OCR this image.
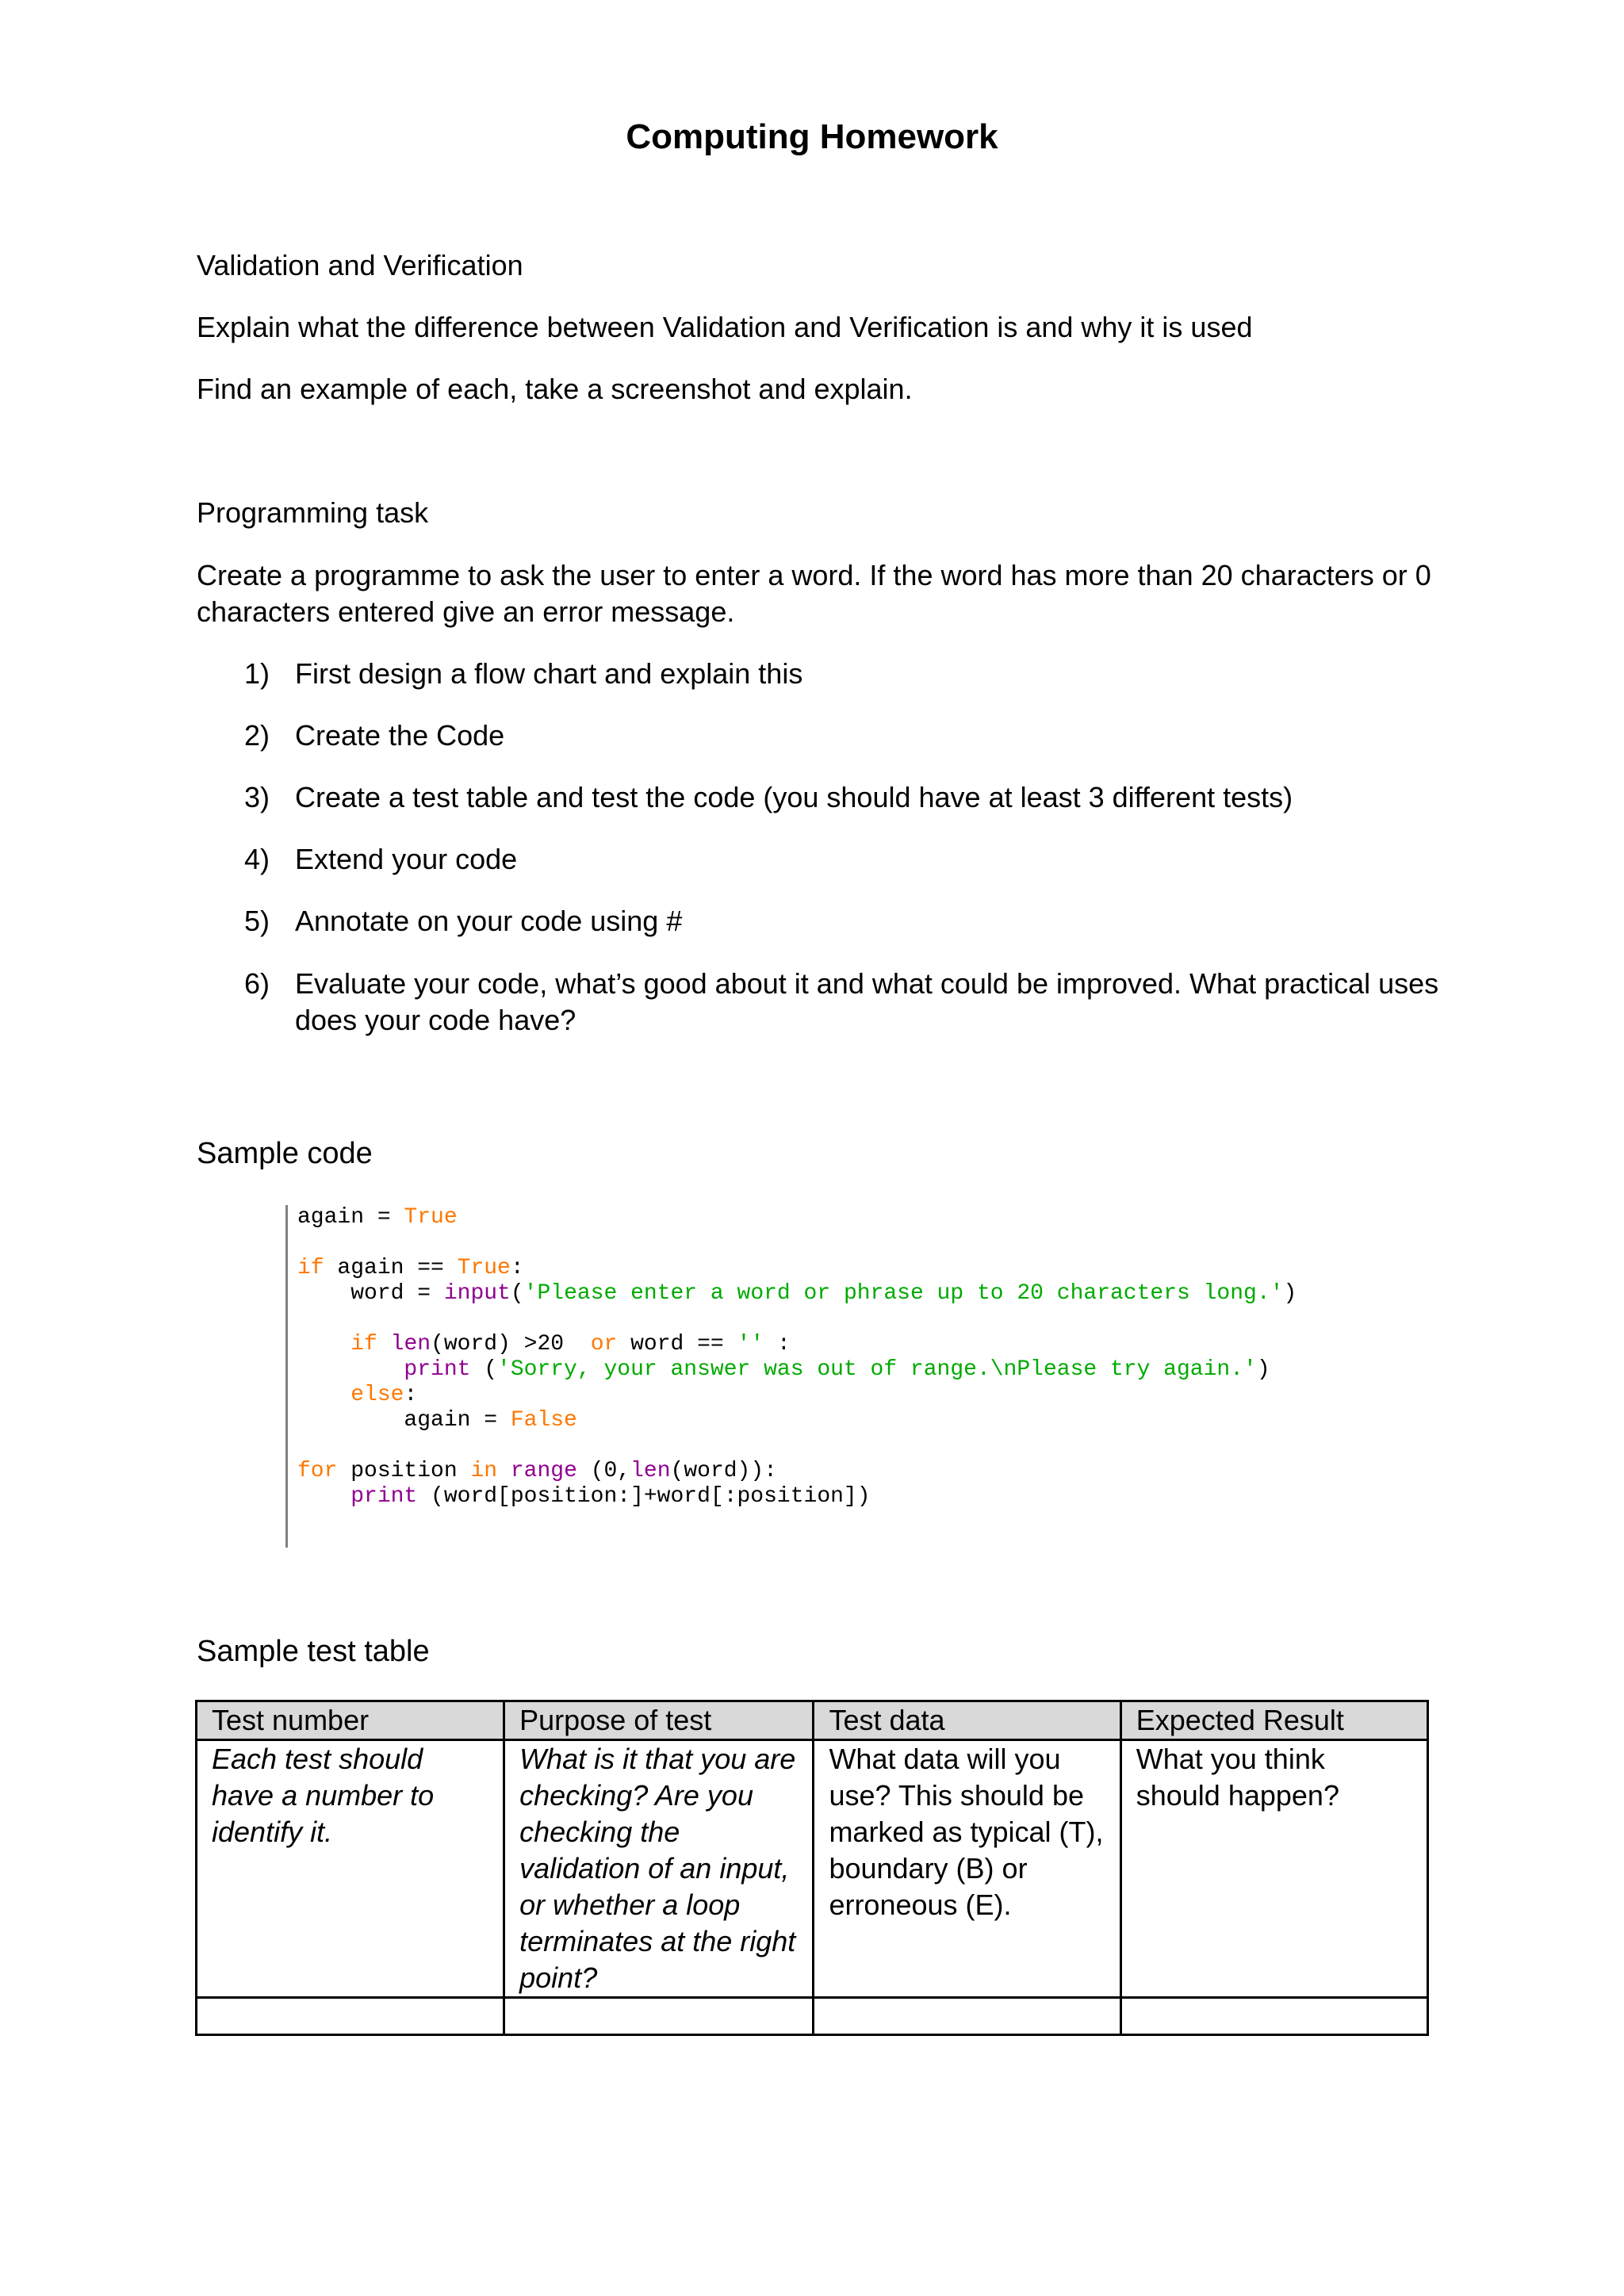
Computing Homework
Validation and Verification
Explain what the difference between Validation and Verification is and why it is used
Find an example of each, take a screenshot and explain.
Programming task
Create a programme to ask the user to enter a word. If the word has more than 20 characters or 0
characters entered give an error message.
1) First design a flow chart and explain this
2) Create the Code
3) Create a test table and test the code (you should have at least 3 different tests)
4) Extend your code
5) Annotate on your code using #
6) Evaluate your code, what’s good about it and what could be improved. What practical uses does your code have?
Sample code
again = True
if again == True:
word = input('Please enter a word or phrase up to 20 characters long.')
if len(word) >20  or word == '' :
print ('Sorry, your answer was out of range.\nPlease try again.')
else:
again = False
for position in range (0,len(word)):
print (word[position:]+word[:position])
Sample test table
Test number	Purpose of test	Test data	Expected Result
Each test should have a number to identify it.	What is it that you are checking? Are you checking the validation of an input, or whether a loop terminates at the right point?	What data will you use? This should be marked as typical (T), boundary (B) or erroneous (E).	What you think should happen?
